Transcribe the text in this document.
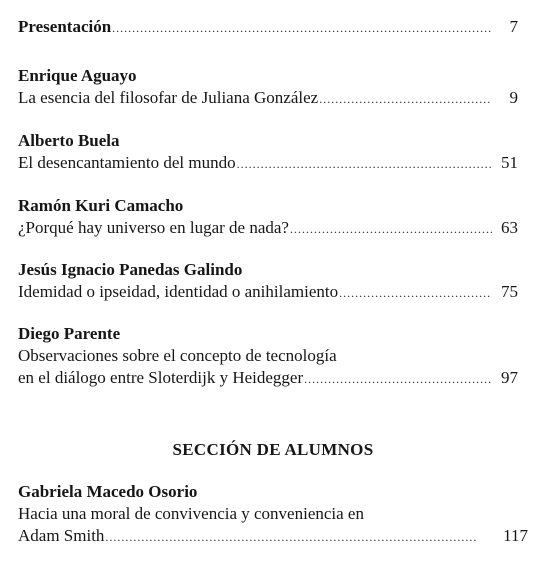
Presentación .....	7
Enrique Aguayo
La esencia del filosofar de Juliana González .....	9
Alberto Buela
El desencantamiento del mundo .....	51
Ramón Kuri Camacho
¿Porqué hay universo en lugar de nada? .....	63
Jesús Ignacio Panedas Galindo
Idemidad o ipseidad, identidad o anihilamiento .....	75
Diego Parente
Observaciones sobre el concepto de tecnología
en el diálogo entre Sloterdijk y Heidegger .....	97
SECCIÓN DE ALUMNOS
Gabriela Macedo Osorio
Hacia una moral de convivencia y conveniencia en
Adam Smith .....	117
